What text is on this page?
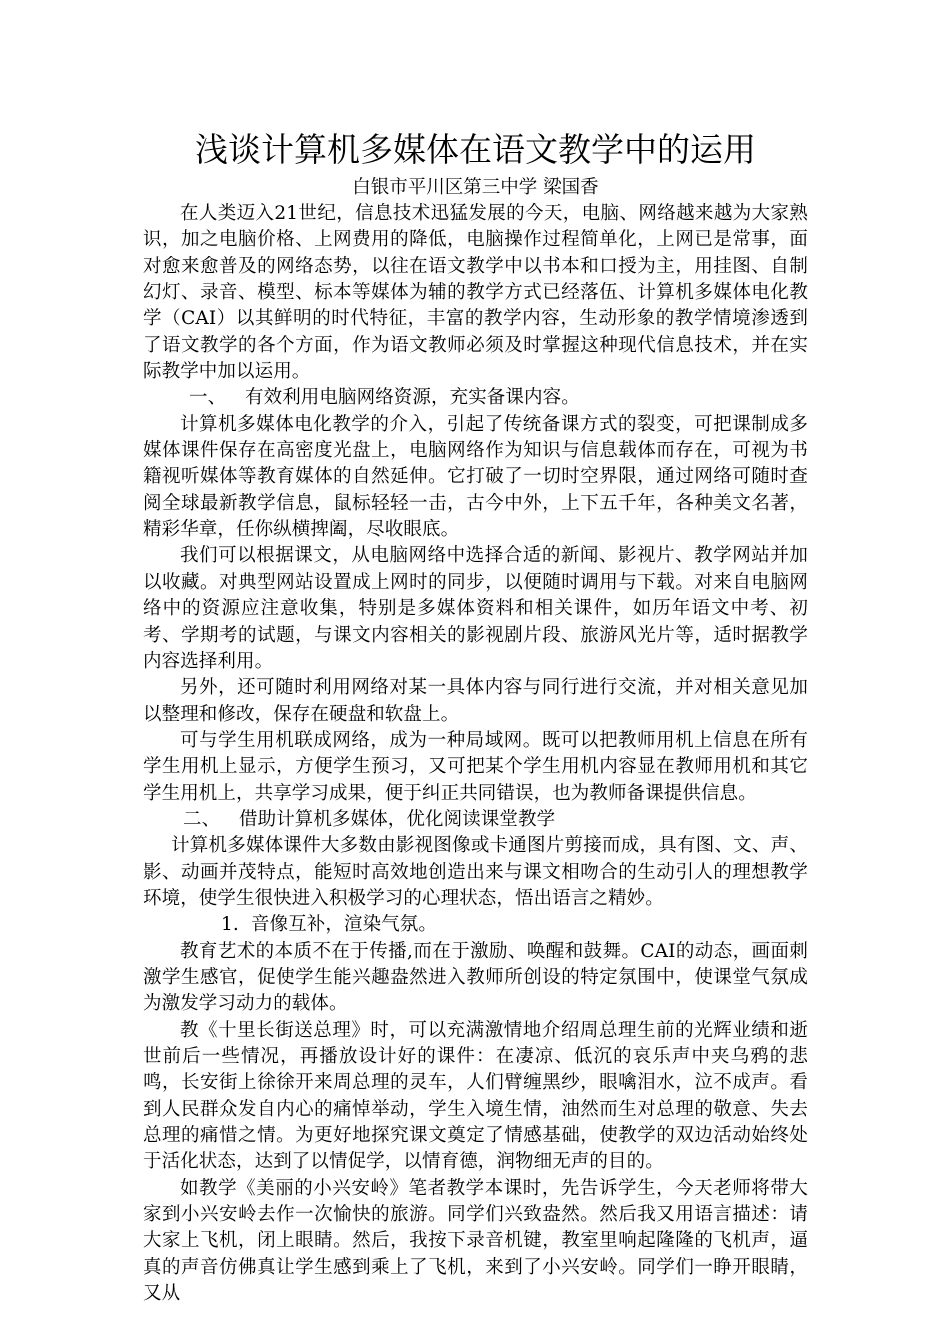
浅谈计算机多媒体在语文教学中的运用

白银市平川区第三中学 梁国香

在人类迈入21世纪，信息技术迅猛发展的今天，电脑、网络越来越为大家熟识，加之电脑价格、上网费用的降低，电脑操作过程简单化，上网已是常事，面对愈来愈普及的网络态势，以往在语文教学中以书本和口授为主，用挂图、自制幻灯、录音、模型、标本等媒体为辅的教学方式已经落伍、计算机多媒体电化教学（CAI）以其鲜明的时代特征，丰富的教学内容，生动形象的教学情境渗透到了语文教学的各个方面，作为语文教师必须及时掌握这种现代信息技术，并在实际教学中加以运用。

一、 有效利用电脑网络资源，充实备课内容。

计算机多媒体电化教学的介入，引起了传统备课方式的裂变，可把课制成多媒体课件保存在高密度光盘上，电脑网络作为知识与信息载体而存在，可视为书籍视听媒体等教育媒体的自然延伸。它打破了一切时空界限，通过网络可随时查阅全球最新教学信息，鼠标轻轻一击，古今中外，上下五千年，各种美文名著，精彩华章，任你纵横捭阖，尽收眼底。

我们可以根据课文，从电脑网络中选择合适的新闻、影视片、教学网站并加以收藏。对典型网站设置成上网时的同步，以便随时调用与下载。对来自电脑网络中的资源应注意收集，特别是多媒体资料和相关课件，如历年语文中考、初考、学期考的试题，与课文内容相关的影视剧片段、旅游风光片等，适时据教学内容选择利用。

另外，还可随时利用网络对某一具体内容与同行进行交流，并对相关意见加以整理和修改，保存在硬盘和软盘上。

可与学生用机联成网络，成为一种局域网。既可以把教师用机上信息在所有学生用机上显示，方便学生预习，又可把某个学生用机内容显在教师用机和其它学生用机上，共享学习成果，便于纠正共同错误，也为教师备课提供信息。

二、 借助计算机多媒体，优化阅读课堂教学

计算机多媒体课件大多数由影视图像或卡通图片剪接而成，具有图、文、声、影、动画并茂特点，能短时高效地创造出来与课文相吻合的生动引人的理想教学环境，使学生很快进入积极学习的心理状态，悟出语言之精妙。

1. 音像互补，渲染气氛。

教育艺术的本质不在于传播,而在于激励、唤醒和鼓舞。CAI的动态，画面刺激学生感官，促使学生能兴趣盎然进入教师所创设的特定氛围中，使课堂气氛成为激发学习动力的载体。

教《十里长街送总理》时，可以充满激情地介绍周总理生前的光辉业绩和逝世前后一些情况，再播放设计好的课件：在凄凉、低沉的哀乐声中夹乌鸦的悲鸣，长安街上徐徐开来周总理的灵车，人们臂缠黑纱，眼噙泪水，泣不成声。看到人民群众发自内心的痛悼举动，学生入境生情，油然而生对总理的敬意、失去总理的痛惜之情。为更好地探究课文奠定了情感基础，使教学的双边活动始终处于活化状态，达到了以情促学，以情育德，润物细无声的目的。

如教学《美丽的小兴安岭》笔者教学本课时，先告诉学生，今天老师将带大家到小兴安岭去作一次愉快的旅游。同学们兴致盎然。然后我又用语言描述：请大家上飞机，闭上眼睛。然后，我按下录音机键，教室里响起隆隆的飞机声，逼真的声音仿佛真让学生感到乘上了飞机，来到了小兴安岭。同学们一睁开眼睛，又从
